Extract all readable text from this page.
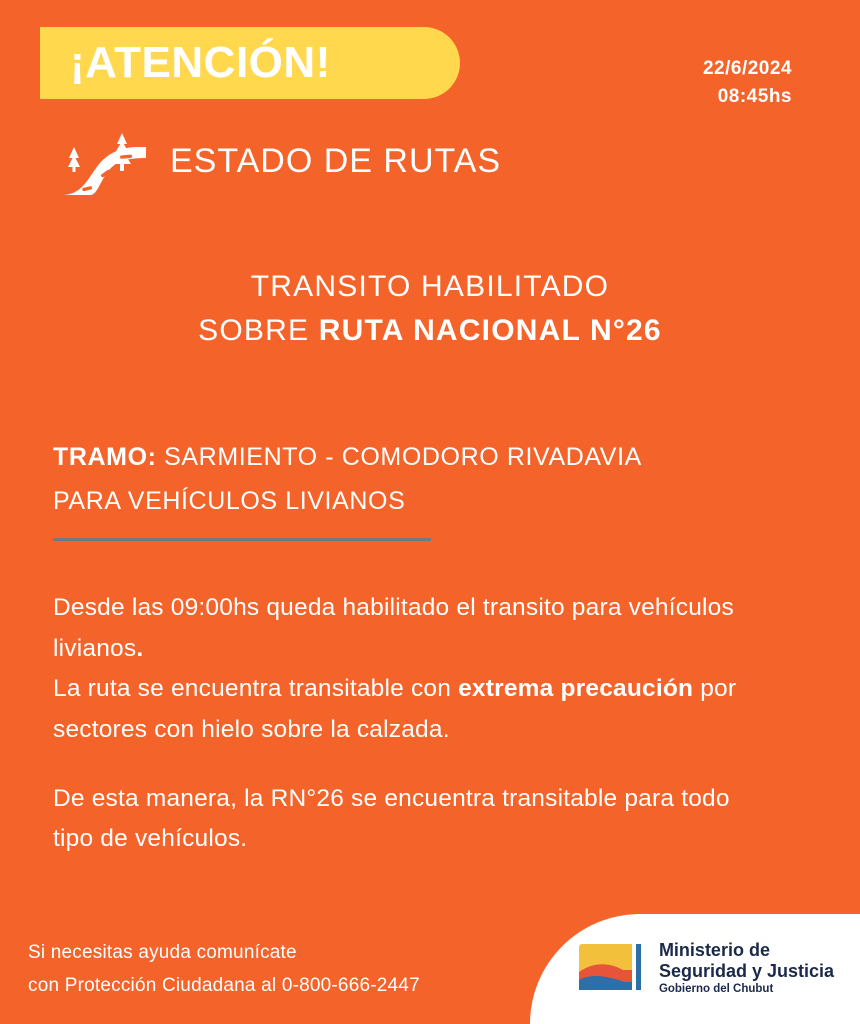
¡ATENCIÓN!	22/6/2024
08:45hs
ESTADO DE RUTAS
TRANSITO HABILITADO
SOBRE RUTA NACIONAL N°26
TRAMO: SARMIENTO - COMODORO RIVADAVIA
PARA VEHÍCULOS LIVIANOS

Desde las 09:00hs queda habilitado el transito para vehículos livianos.
La ruta se encuentra transitable con extrema precaución por sectores con hielo sobre la calzada.

De esta manera, la RN°26 se encuentra transitable para todo tipo de vehículos.

Si necesitas ayuda comunícate
con Protección Ciudadana al 0-800-666-2447
Ministerio de
Seguridad y Justicia
Gobierno del Chubut
